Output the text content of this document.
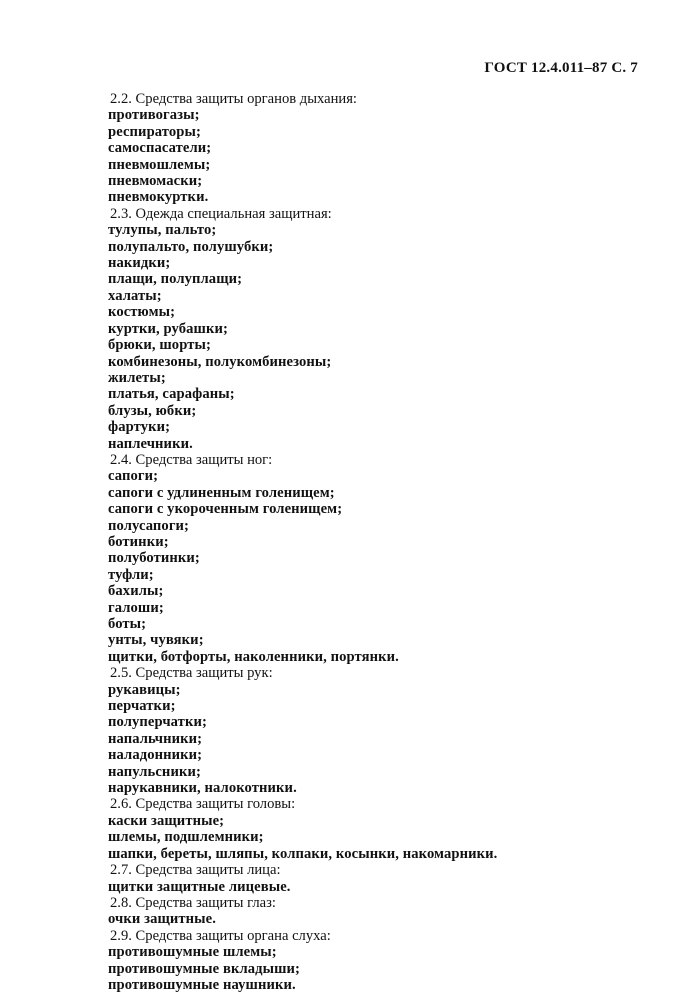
ГОСТ 12.4.011–87 С. 7
2.2. Средства защиты органов дыхания:
противогазы;
респираторы;
самоспасатели;
пневмошлемы;
пневмомаски;
пневмокуртки.
2.3. Одежда специальная защитная:
тулупы, пальто;
полупальто, полушубки;
накидки;
плащи, полуплащи;
халаты;
костюмы;
куртки, рубашки;
брюки, шорты;
комбинезоны, полукомбинезоны;
жилеты;
платья, сарафаны;
блузы, юбки;
фартуки;
наплечники.
2.4. Средства защиты ног:
сапоги;
сапоги с удлиненным голенищем;
сапоги с укороченным голенищем;
полусапоги;
ботинки;
полуботинки;
туфли;
бахилы;
галоши;
боты;
унты, чувяки;
щитки, ботфорты, наколенники, портянки.
2.5. Средства защиты рук:
рукавицы;
перчатки;
полуперчатки;
напальчники;
наладонники;
напульсники;
нарукавники, налокотники.
2.6. Средства защиты головы:
каски защитные;
шлемы, подшлемники;
шапки, береты, шляпы, колпаки, косынки, накомарники.
2.7. Средства защиты лица:
щитки защитные лицевые.
2.8. Средства защиты глаз:
очки защитные.
2.9. Средства защиты органа слуха:
противошумные шлемы;
противошумные вкладыши;
противошумные наушники.
